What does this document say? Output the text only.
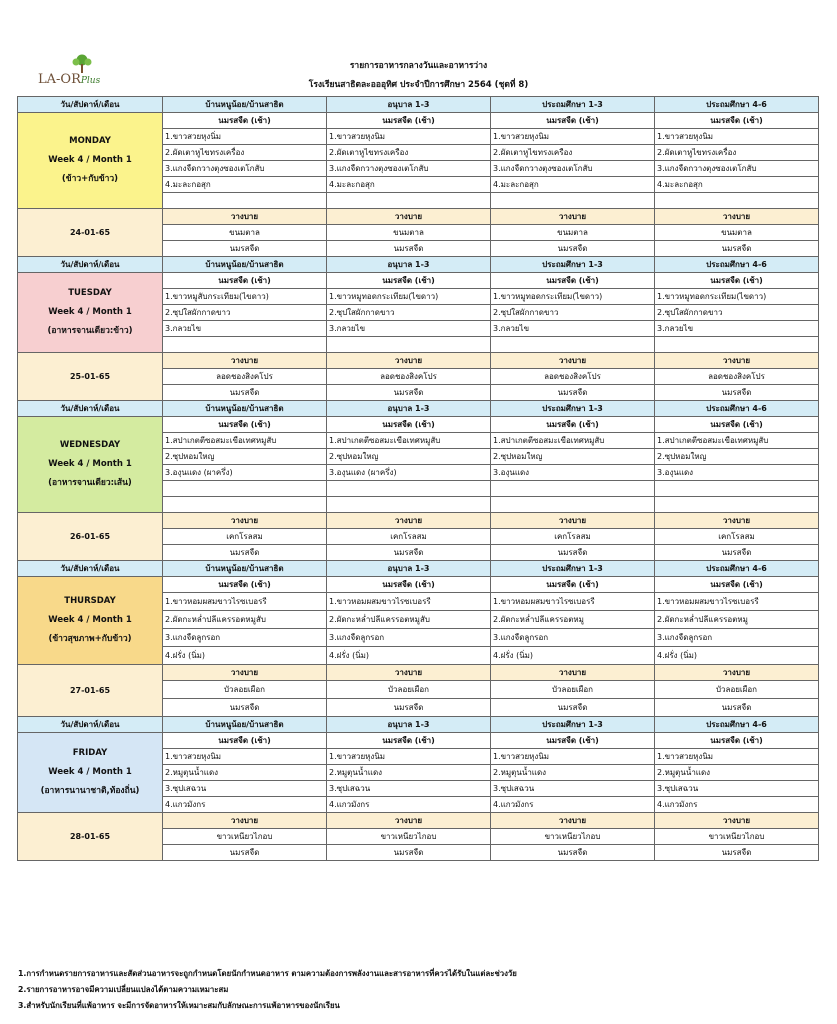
LA-ORPlus
รายการอาหารกลางวันและอาหารว่าง
โรงเรียนสาธิตละอออุทิศ ประจำปีการศึกษา 2564 (ชุดที่ 8)
วัน/สัปดาห์/เดือน	บ้านหนูน้อย/บ้านสาธิต	อนุบาล 1-3	ประถมศึกษา 1-3	ประถมศึกษา 4-6

MONDAY
Week 4 / Month 1
(ข้าว+กับข้าว)	นมรสจืด (เช้า)	นมรสจืด (เช้า)	นมรสจืด (เช้า)	นมรสจืด (เช้า)
	1.ขาวสวยหุงนิ่ม	1.ขาวสวยหุงนิม	1.ขาวสวยหุงนิม	1.ขาวสวยหุงนิม
	2.ผัดเตาหูไขทรงเครื่อง	2.ผัดเตาหูไขทรงเครือง	2.ผัดเตาหูไขทรงเครือง	2.ผัดเตาหูไขทรงเครื่อง
	3.แกงจืดกวางตุงซองเตโกสับ	3.แกงจืดกวางตุงซองเตโกสับ	3.แกงจืดกวางตุงซองเตโกสับ	3.แกงจืดกวางตุงซองเตโกสับ
	4.มะละกอสุก	4.มะละกอสุก	4.มะละกอสุก	4.มะละกอสุก

24-01-65	วางบาย	วางบาย	วางบาย	วางบาย
	ขนมตาล	ขนมตาล	ขนมตาล	ขนมตาล
	นมรสจืด	นมรสจืด	นมรสจืด	นมรสจืด
วัน/สัปดาห์/เดือน	บ้านหนูน้อย/บ้านสาธิต	อนุบาล 1-3	ประถมศึกษา 1-3	ประถมศึกษา 4-6

TUESDAY
Week 4 / Month 1
(อาหารจานเดียว:ข้าว)	นมรสจืด (เช้า)	นมรสจืด (เช้า)	นมรสจืด (เช้า)	นมรสจืด (เช้า)
	1.ขาวหมูสับกระเทียม(ไขดาว)	1.ขาวหมูทอดกระเทียม(ไขดาว)	1.ขาวหมูทอดกระเทียม(ไขดาว)	1.ขาวหมูทอดกระเทียม(ไขดาว)
	2.ซุปใสผักกาดขาว	2.ซุปใสผักกาดขาว	2.ซุปใสผักกาดขาว	2.ซุปใสผักกาดขาว
	3.กลวยไข	3.กลวยไข	3.กลวยไข	3.กลวยไข

25-01-65	วางบาย	วางบาย	วางบาย	วางบาย
	ลอดชองสิงคโปร	ลอดชองสิงคโปร	ลอดชองสิงคโปร	ลอดชองสิงคโปร
	นมรสจืด	นมรสจืด	นมรสจืด	นมรสจืด
วัน/สัปดาห์/เดือน	บ้านหนูน้อย/บ้านสาธิต	อนุบาล 1-3	ประถมศึกษา 1-3	ประถมศึกษา 4-6

WEDNESDAY
Week 4 / Month 1
(อาหารจานเดียว:เส้น)	นมรสจืด (เช้า)	นมรสจืด (เช้า)	นมรสจืด (เช้า)	นมรสจืด (เช้า)
	1.สปาเกตตีซอสมะเขือเทศหมูสับ	1.สปาเกตตีซอสมะเขือเทศหมูสับ	1.สปาเกตตีซอสมะเขือเทศหมูสับ	1.สปาเกตตีซอสมะเขือเทศหมูสับ
	2.ซุปหอมใหญ	2.ซุปหอมใหญ	2.ซุปหอมใหญ	2.ซุปหอมใหญ
	3.องุนแดง (ผาครึ่ง)	3.องุนแดง (ผาครึ่ง)	3.องุนแดง	3.องุนแดง

26-01-65	วางบาย	วางบาย	วางบาย	วางบาย
	เคกโรลสม	เคกโรลสม	เคกโรลสม	เคกโรลสม
	นมรสจืด	นมรสจืด	นมรสจืด	นมรสจืด
วัน/สัปดาห์/เดือน	บ้านหนูน้อย/บ้านสาธิต	อนุบาล 1-3	ประถมศึกษา 1-3	ประถมศึกษา 4-6

THURSDAY
Week 4 / Month 1
(ข้าวสุขภาพ+กับข้าว)	นมรสจืด (เช้า)	นมรสจืด (เช้า)	นมรสจืด (เช้า)	นมรสจืด (เช้า)
	1.ขาวหอมผสมขาวไรซเบอรรี	1.ขาวหอมผสมขาวไรซเบอรรี	1.ขาวหอมผสมขาวไรซเบอรรี	1.ขาวหอมผสมขาวไรซเบอรรี
	2.ผัดกะหล่ำปลีแครรอตหมูสับ	2.ผัดกะหล่ำปลีแครรอตหมูสับ	2.ผัดกะหล่ำปลีแครรอตหมู	2.ผัดกะหล่ำปลีแครรอตหมู
	3.แกงจืดลูกรอก	3.แกงจืดลูกรอก	3.แกงจืดลูกรอก	3.แกงจืดลูกรอก
	4.ฝรั่ง (นิ่ม)	4.ฝรั่ง (นิ่ม)	4.ฝรั่ง (นิ่ม)	4.ฝรั่ง (นิ่ม)
27-01-65	วางบาย	วางบาย	วางบาย	วางบาย
	บัวลอยเผือก	บัวลอยเผือก	บัวลอยเผือก	บัวลอยเผือก
	นมรสจืด	นมรสจืด	นมรสจืด	นมรสจืด
วัน/สัปดาห์/เดือน	บ้านหนูน้อย/บ้านสาธิต	อนุบาล 1-3	ประถมศึกษา 1-3	ประถมศึกษา 4-6

FRIDAY
Week 4 / Month 1
(อาหารนานาชาติ,ท้องถิ่น)	นมรสจืด (เช้า)	นมรสจืด (เช้า)	นมรสจืด (เช้า)	นมรสจืด (เช้า)
	1.ขาวสวยหุงนิม	1.ขาวสวยหุงนิม	1.ขาวสวยหุงนิม	1.ขาวสวยหุงนิม
	2.หมูตุนน้ำแดง	2.หมูตุนน้ำแดง	2.หมูตุนน้ำแดง	2.หมูตุนน้ำแดง
	3.ซุปเสฉวน	3.ซุปเสฉวน	3.ซุปเสฉวน	3.ซุปเสฉวน
	4.แกวมังกร	4.แกวมังกร	4.แกวมังกร	4.แกวมังกร
28-01-65	วางบาย	วางบาย	วางบาย	วางบาย
	ขาวเหนียวไกอบ	ขาวเหนียวไกอบ	ขาวเหนียวไกอบ	ขาวเหนียวไกอบ
	นมรสจืด	นมรสจืด	นมรสจืด	นมรสจืด
1.การกำหนดรายการอาหารและสัดส่วนอาหารจะถูกกำหนดโดยนักกำหนดอาหาร ตามความต้องการพลังงานและสารอาหารที่ควรได้รับในแต่ละช่วงวัย
2.รายการอาหารอาจมีความเปลี่ยนแปลงได้ตามความเหมาะสม
3.สำหรับนักเรียนที่แพ้อาหาร จะมีการจัดอาหารให้เหมาะสมกับลักษณะการแพ้อาหารของนักเรียน
